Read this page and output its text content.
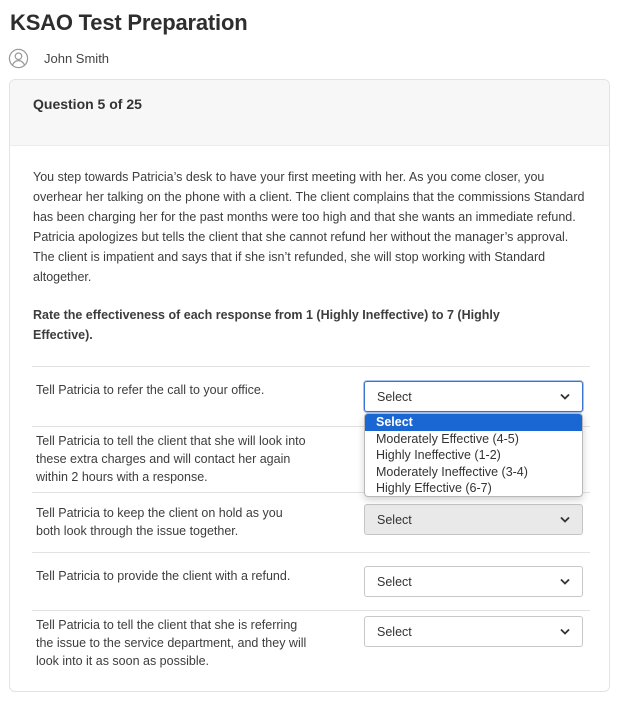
KSAO Test Preparation
John Smith
Question 5 of 25
You step towards Patricia’s desk to have your first meeting with her. As you come closer, you overhear her talking on the phone with a client. The client complains that the commissions Standard has been charging her for the past months were too high and that she wants an immediate refund. Patricia apologizes but tells the client that she cannot refund her without the manager’s approval. The client is impatient and says that if she isn’t refunded, she will stop working with Standard altogether.
Rate the effectiveness of each response from 1 (Highly Ineffective) to 7 (Highly Effective).
Tell Patricia to refer the call to your office.	Select
Tell Patricia to tell the client that she will look into these extra charges and will contact her again within 2 hours with a response.
Tell Patricia to keep the client on hold as you both look through the issue together.
Select
Tell Patricia to provide the client with a refund.	Select
Tell Patricia to tell the client that she is referring the issue to the service department, and they will look into it as soon as possible.
Select
Select
Moderately Effective (4-5)
Highly Ineffective (1-2)
Moderately Ineffective (3-4)
Highly Effective (6-7)
